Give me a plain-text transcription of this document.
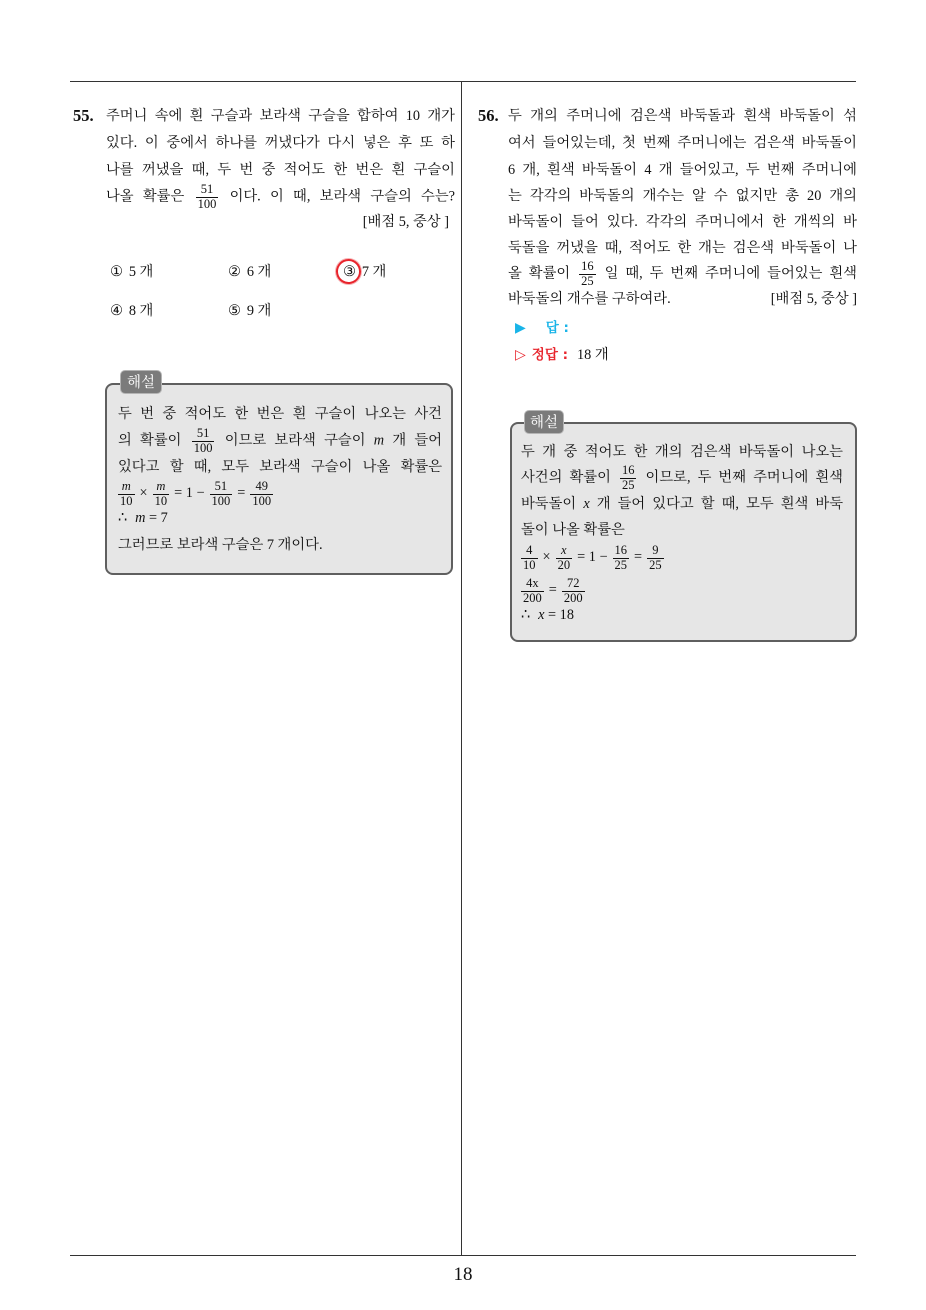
18
55. 주머니 속에 흰 구슬과 보라색 구슬을 합하여 10 개가
있다. 이 중에서 하나를 꺼냈다가 다시 넣은 후 또 하
나를 꺼냈을 때, 두 번 중 적어도 한 번은 흰 구슬이
나올 확률은 $\frac{51}{100}$ 이다. 이 때, 보라색 구슬의 수는?
[배점 5, 중상 ]
① 5 개	② 6 개	③ 7 개
④ 8 개	⑤ 9 개
해설
두 번 중 적어도 한 번은 흰 구슬이 나오는 사건
의 확률이 $\frac{51}{100}$ 이므로 보라색 구슬이 m 개 들어
있다고 할 때, 모두 보라색 구슬이 나올 확률은
$\frac{m}{10} \times \frac{m}{10} = 1 - \frac{51}{100} = \frac{49}{100}$
∴ m = 7
그러므로 보라색 구슬은 7 개이다.
56. 두 개의 주머니에 검은색 바둑돌과 흰색 바둑돌이 섞
여서 들어있는데, 첫 번째 주머니에는 검은색 바둑돌이
6 개, 흰색 바둑돌이 4 개 들어있고, 두 번째 주머니에
는 각각의 바둑돌의 개수는 알 수 없지만 총 20 개의
바둑돌이 들어 있다. 각각의 주머니에서 한 개씩의 바
둑돌을 꺼냈을 때, 적어도 한 개는 검은색 바둑돌이 나
올 확률이 $\frac{16}{25}$ 일 때, 두 번째 주머니에 들어있는 흰색
바둑돌의 개수를 구하여라.	[배점 5, 중상 ]
▶ 답 :
▷ 정답 : 18 개
해설
두 개 중 적어도 한 개의 검은색 바둑돌이 나오는
사건의 확률이 $\frac{16}{25}$ 이므로, 두 번째 주머니에 흰색
바둑돌이 x 개 들어 있다고 할 때, 모두 흰색 바둑
돌이 나올 확률은
$\frac{4}{10} \times \frac{x}{20} = 1 - \frac{16}{25} = \frac{9}{25}$
$\frac{4x}{200} = \frac{72}{200}$
∴ x = 18
